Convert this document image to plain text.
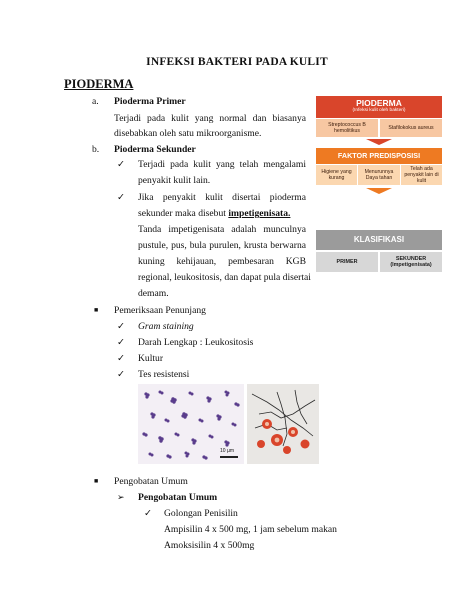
INFEKSI BAKTERI PADA KULIT
PIODERMA
a. Pioderma Primer
Terjadi pada kulit yang normal dan biasanya
disebabkan oleh satu mikroorganisme.
b. Pioderma Sekunder
✓ Terjadi pada kulit yang telah mengalami
penyakit kulit lain.
✓ Jika penyakit kulit disertai pioderma
sekunder maka disebut impetigenisata.
Tanda impetigenisata adalah munculnya
pustule, pus, bula purulen, krusta berwarna
kuning kehijauan, pembesaran KGB
regional, leukositosis, dan dapat pula disertai
demam.
■ Pemeriksaan Penunjang
✓ Gram staining
✓ Darah Lengkap : Leukositosis
✓ Kultur
✓ Tes resistensi
10 µm
■ Pengobatan Umum
➢ Pengobatan Umum
✓ Golongan Penisilin
Ampisilin 4 x 500 mg, 1 jam sebelum makan
Amoksisilin 4 x 500mg
PIODERMA
(Infeksi kulit oleh bakteri)
Streptococcus B hemolitikus	Stafilokokus aureus
FAKTOR PREDISPOSISI
Higiene yang kurang
Menurunnya Daya tahan
Telah ada penyakit lain di kulit
KLASIFIKASI
PRIMER
SEKUNDER (Impetigenisata)
